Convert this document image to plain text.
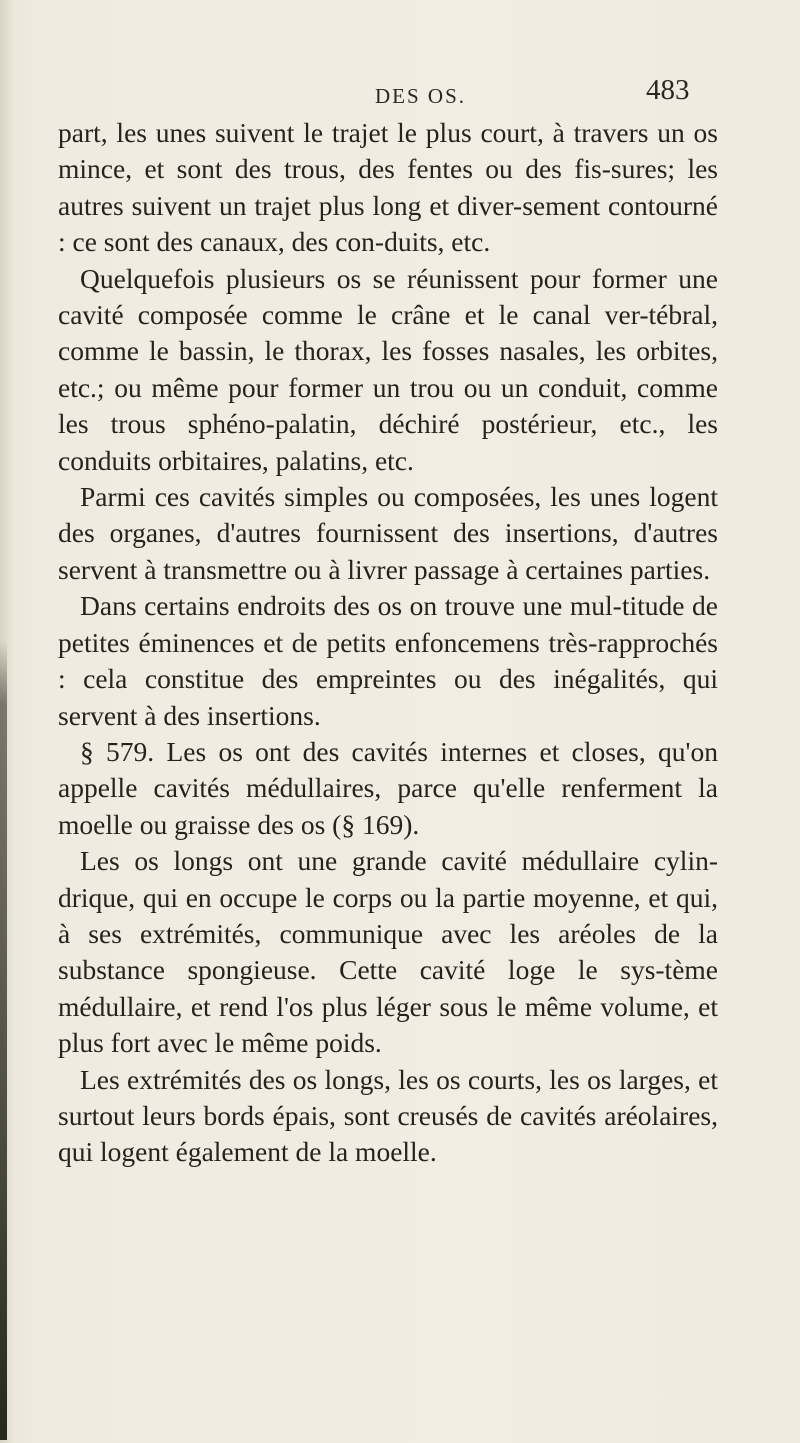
DES OS.	483

part, les unes suivent le trajet le plus court, à travers un os mince, et sont des trous, des fentes ou des fis-sures; les autres suivent un trajet plus long et diver-sement contourné : ce sont des canaux, des con-duits, etc.

Quelquefois plusieurs os se réunissent pour former une cavité composée comme le crâne et le canal ver-tébral, comme le bassin, le thorax, les fosses nasales, les orbites, etc.; ou même pour former un trou ou un conduit, comme les trous sphéno-palatin, déchiré postérieur, etc., les conduits orbitaires, palatins, etc.

Parmi ces cavités simples ou composées, les unes logent des organes, d'autres fournissent des insertions, d'autres servent à transmettre ou à livrer passage à certaines parties.

Dans certains endroits des os on trouve une mul-titude de petites éminences et de petits enfoncemens très-rapprochés : cela constitue des empreintes ou des inégalités, qui servent à des insertions.

§ 579. Les os ont des cavités internes et closes, qu'on appelle cavités médullaires, parce qu'elle renferment la moelle ou graisse des os (§ 169).

Les os longs ont une grande cavité médullaire cylin-drique, qui en occupe le corps ou la partie moyenne, et qui, à ses extrémités, communique avec les aréoles de la substance spongieuse. Cette cavité loge le sys-tème médullaire, et rend l'os plus léger sous le même volume, et plus fort avec le même poids.

Les extrémités des os longs, les os courts, les os larges, et surtout leurs bords épais, sont creusés de cavités aréolaires, qui logent également de la moelle.
